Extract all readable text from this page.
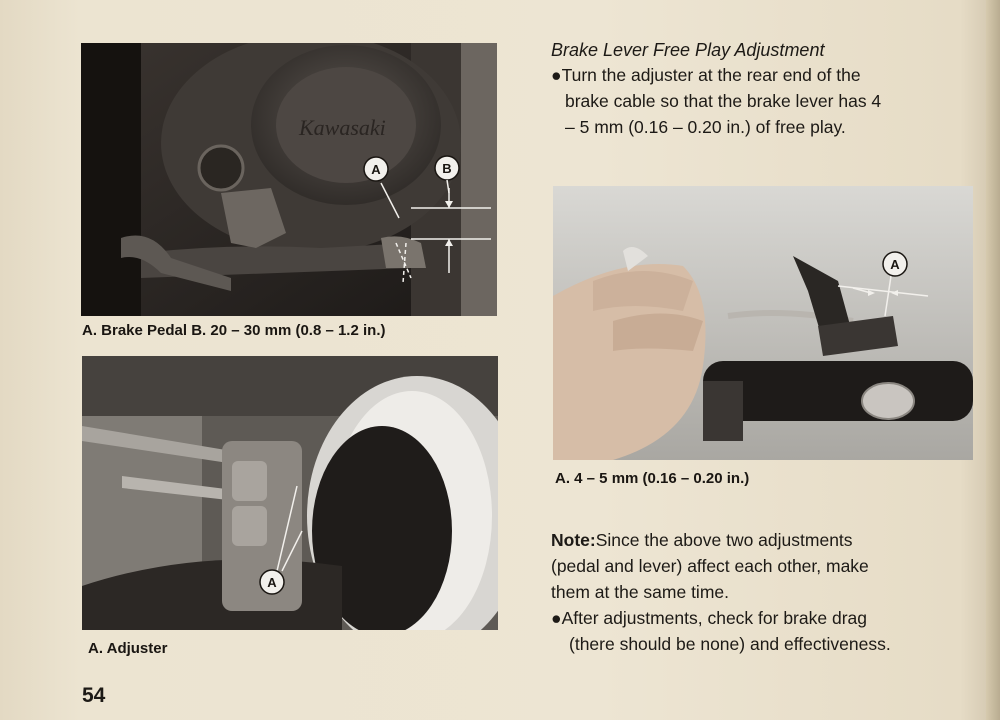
Kawasaki
A	B
A. Brake Pedal B. 20 – 30 mm (0.8 – 1.2 in.)
A
A. Adjuster
Brake Lever Free Play Adjustment
●Turn the adjuster at the rear end of the
brake cable so that the brake lever has 4
– 5 mm (0.16 – 0.20 in.) of free play.
A
A. 4 – 5 mm (0.16 – 0.20 in.)
Note:Since the above two adjustments
(pedal and lever) affect each other, make
them at the same time.
●After adjustments, check for brake drag
(there should be none) and effectiveness.
54
